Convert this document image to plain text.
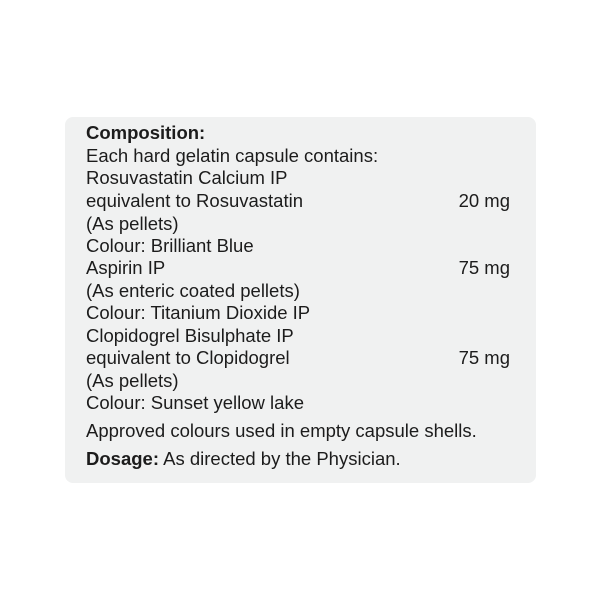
Composition:
Each hard gelatin capsule contains:
Rosuvastatin Calcium IP
equivalent to Rosuvastatin	20 mg
(As pellets)
Colour: Brilliant Blue
Aspirin IP	75 mg
(As enteric coated pellets)
Colour: Titanium Dioxide IP
Clopidogrel Bisulphate IP
equivalent to Clopidogrel	75 mg
(As pellets)
Colour: Sunset yellow lake
Approved colours used in empty capsule shells.
Dosage: As directed by the Physician.
